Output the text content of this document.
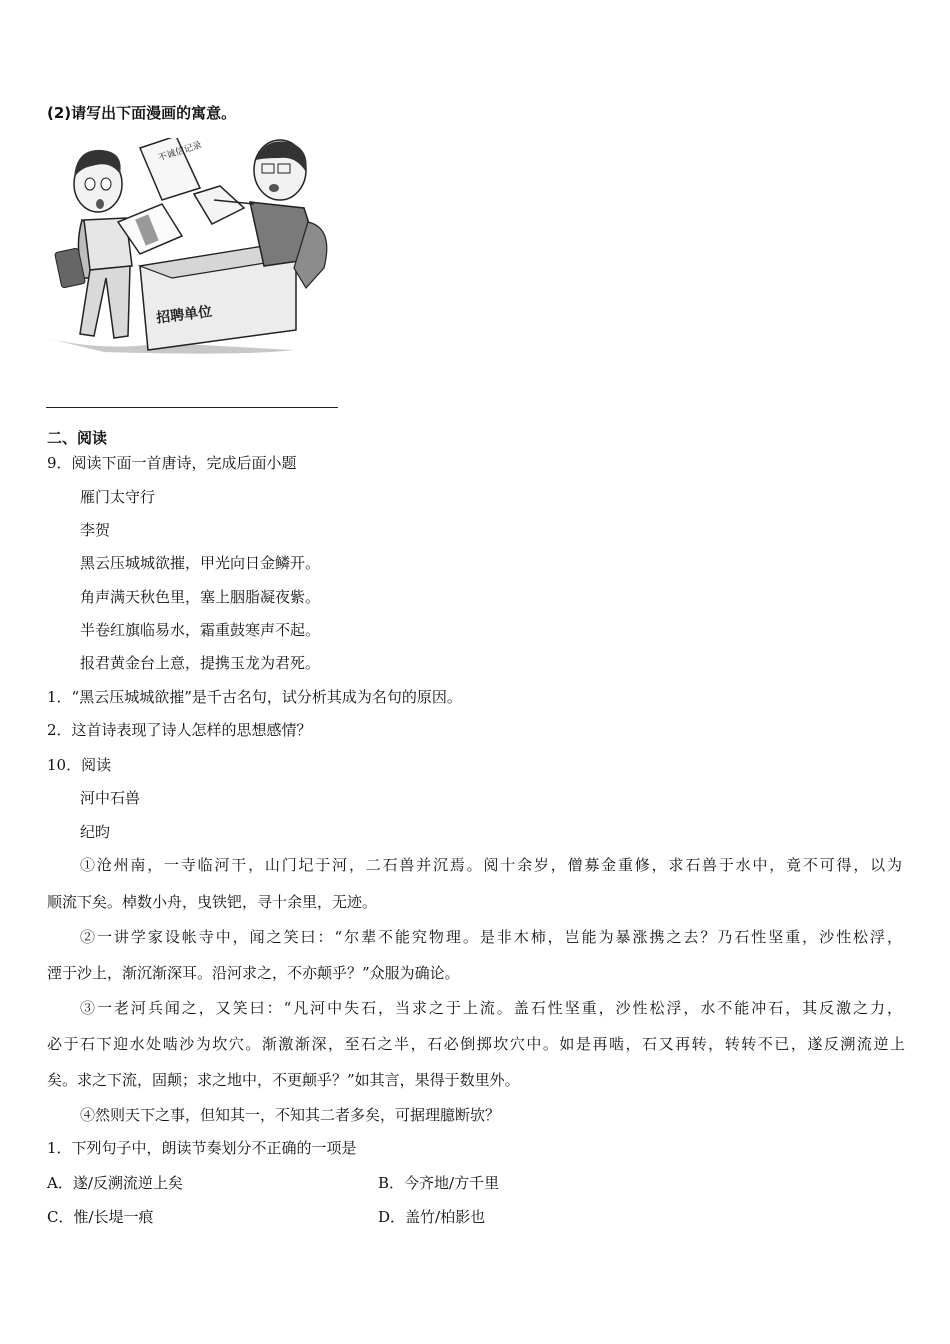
(2)请写出下面漫画的寓意。
不诚信记录
招聘单位
二、阅读
9．阅读下面一首唐诗，完成后面小题
雁门太守行
李贺
黑云压城城欲摧，甲光向日金鳞开。
角声满天秋色里，塞上胭脂凝夜紫。
半卷红旗临易水，霜重鼓寒声不起。
报君黄金台上意，提携玉龙为君死。
1．“黑云压城城欲摧”是千古名句，试分析其成为名句的原因。
2．这首诗表现了诗人怎样的思想感情？
10．阅读
河中石兽
纪昀
①沧州南，一寺临河干，山门圮于河，二石兽并沉焉。阅十余岁，僧募金重修，求石兽于水中，竟不可得，以为
顺流下矣。棹数小舟，曳铁钯，寻十余里，无迹。
②一讲学家设帐寺中，闻之笑曰：“尔辈不能究物理。是非木柿，岂能为暴涨携之去？乃石性坚重，沙性松浮，
湮于沙上，渐沉渐深耳。沿河求之，不亦颠乎？”众服为确论。
③一老河兵闻之，又笑曰：“凡河中失石，当求之于上流。盖石性坚重，沙性松浮，水不能冲石，其反激之力，
必于石下迎水处啮沙为坎穴。渐激渐深，至石之半，石必倒掷坎穴中。如是再啮，石又再转，转转不已，遂反溯流逆上
矣。求之下流，固颠；求之地中，不更颠乎？”如其言，果得于数里外。
④然则天下之事，但知其一，不知其二者多矣，可据理臆断欤？
1．下列句子中，朗读节奏划分不正确的一项是
A．遂/反溯流逆上矣	B．今齐地/方千里
C．惟/长堤一痕	D．盖竹/柏影也
